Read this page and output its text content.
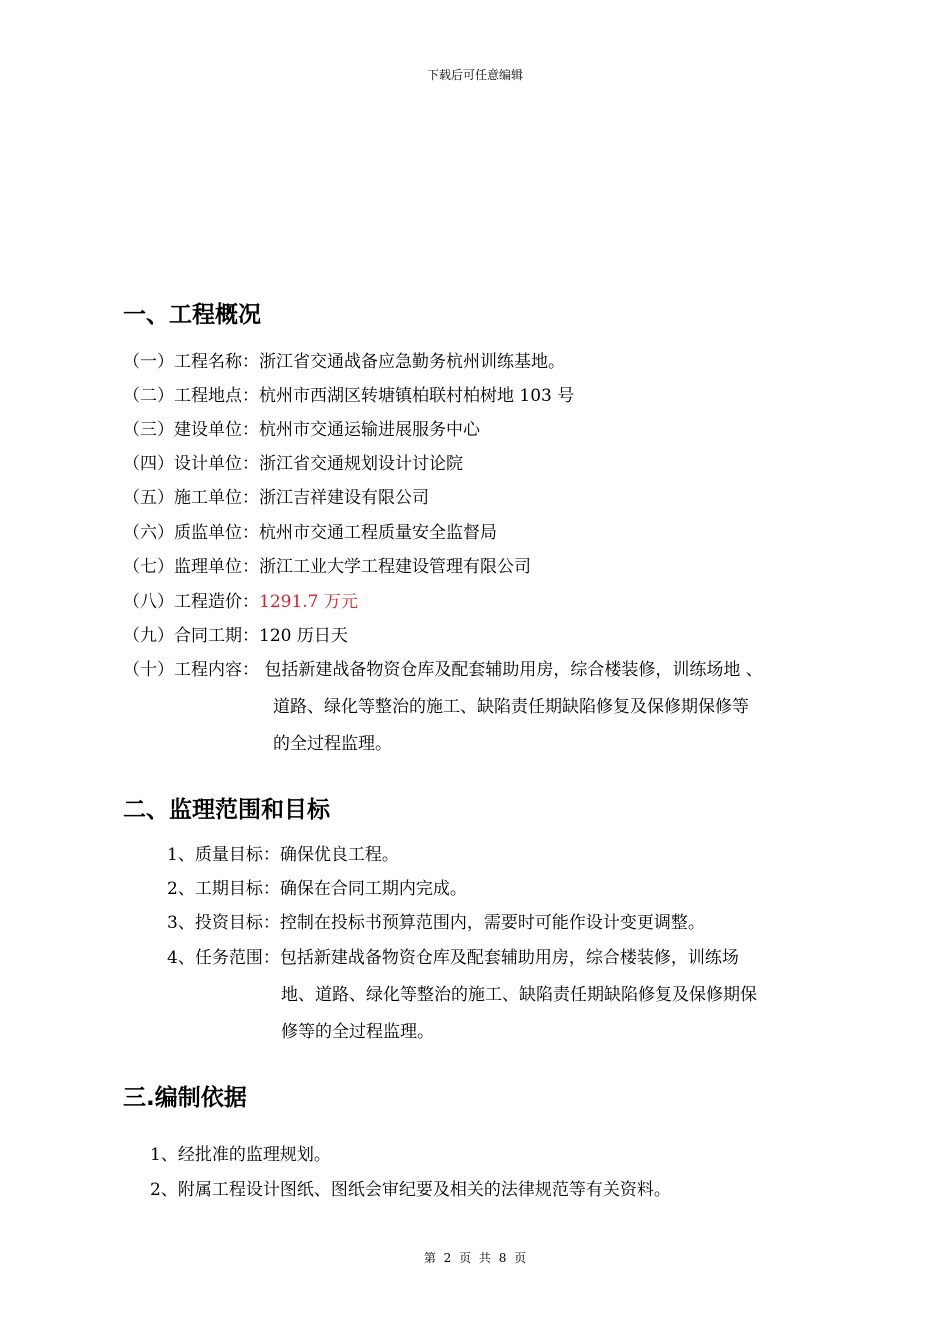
下载后可任意编辑
一、工程概况
（一）工程名称：浙江省交通战备应急勤务杭州训练基地。
（二）工程地点：杭州市西湖区转塘镇柏联村柏树地 103 号
（三）建设单位：杭州市交通运输进展服务中心
（四）设计单位：浙江省交通规划设计讨论院
（五）施工单位：浙江吉祥建设有限公司
（六）质监单位：杭州市交通工程质量安全监督局
（七）监理单位：浙江工业大学工程建设管理有限公司
（八）工程造价：1291.7 万元
（九）合同工期：120 历日天
（十）工程内容： 包括新建战备物资仓库及配套辅助用房，综合楼装修，训练场地 、
道路、绿化等整治的施工、缺陷责任期缺陷修复及保修期保修等
的全过程监理。
二、监理范围和目标
1、质量目标：确保优良工程。
2、工期目标：确保在合同工期内完成。
3、投资目标：控制在投标书预算范围内，需要时可能作设计变更调整。
4、任务范围：包括新建战备物资仓库及配套辅助用房，综合楼装修，训练场
地、道路、绿化等整治的施工、缺陷责任期缺陷修复及保修期保
修等的全过程监理。
三.编制依据
1、经批准的监理规划。
2、附属工程设计图纸、图纸会审纪要及相关的法律规范等有关资料。
第 2 页 共 8 页
